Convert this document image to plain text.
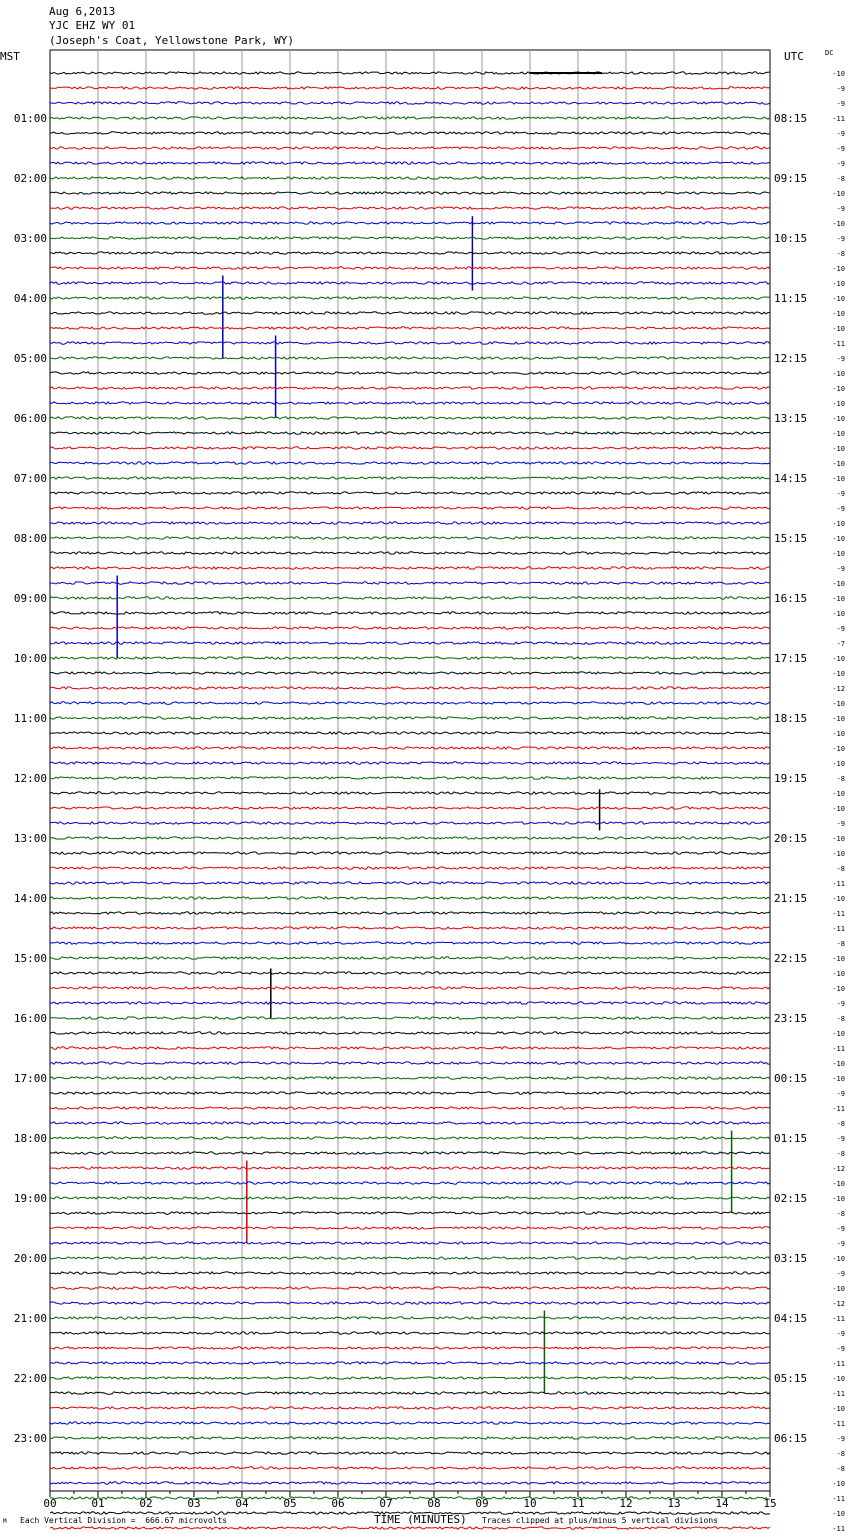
Aug 6,2013
YJC EHZ WY 01
(Joseph's Coat, Yellowstone Park, WY)
MST	UTC	DC
00	01	02	03	04	05	06	07	08	09	10	11	12	13	14	15
-10
-9
-9
-11
-9
-9
-9
-8
-10
-9
-10
-9
-8
-10
-10
-10
-10
-10
-11
-9
-10
-10
-10
-10
-10
-10
-10
-10
-9
-9
-10
-10
-10
-9
-10
-10
-10
-9
-7
-10
-10
-12
-10
-10
-10
-10
-10
-8
-10
-10
-9
-10
-10
-8
-11
-10
-11
-11
-8
-10
-10
-10
-9
-8
-10
-11
-10
-10
-9
-11
-8
-9
-8
-12
-10
-10
-8
-9
-9
-10
-9
-10
-12
-11
-9
-9
-11
-10
-11
-10
-11
-9
-8
-8
-10
-11
-10
-11
01:00
02:00
03:00
04:00
05:00
06:00
07:00
08:00
09:00
10:00
11:00
12:00
13:00
14:00
15:00
16:00
17:00
18:00
19:00
20:00
21:00
22:00
23:00
08:15
09:15
10:15
11:15
12:15
13:15
14:15
15:15
16:15
17:15
18:15
19:15
20:15
21:15
22:15
23:15
00:15
01:15
02:15
03:15
04:15
05:15
06:15
M Each Vertical Division =  666.67 microvolts	TIME (MINUTES) Traces clipped at plus/minus 5 vertical divisions
